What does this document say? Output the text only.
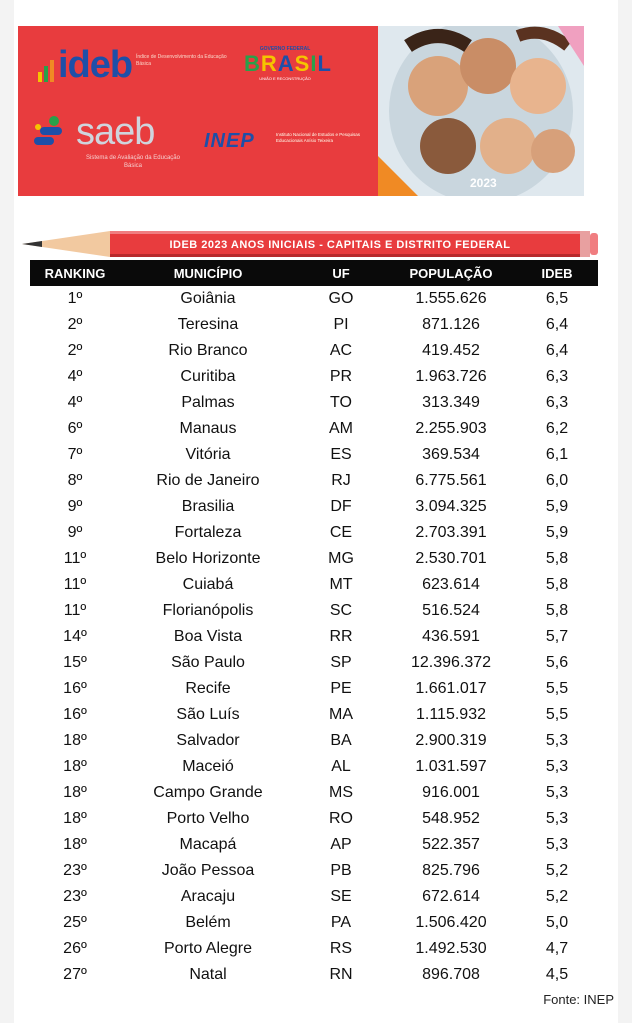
ideb Índice de Desenvolvimento da Educação Básica
saeb
Sistema de Avaliação da Educação Básica
GOVERNO FEDERAL
BRASIL
UNIÃO E RECONSTRUÇÃO
INEP	Instituto Nacional de Estudos e Pesquisas Educacionais Anísio Teixeira
2023
IDEB 2023 ANOS INICIAIS - CAPITAIS E DISTRITO FEDERAL
RANKING	MUNICÍPIO	UF	POPULAÇÃO	IDEB
1º	Goiânia	GO	1.555.626	6,5
2º	Teresina	PI	871.126	6,4
2º	Rio Branco	AC	419.452	6,4
4º	Curitiba	PR	1.963.726	6,3
4º	Palmas	TO	313.349	6,3
6º	Manaus	AM	2.255.903	6,2
7º	Vitória	ES	369.534	6,1
8º	Rio de Janeiro	RJ	6.775.561	6,0
9º	Brasilia	DF	3.094.325	5,9
9º	Fortaleza	CE	2.703.391	5,9
11º	Belo Horizonte	MG	2.530.701	5,8
11º	Cuiabá	MT	623.614	5,8
11º	Florianópolis	SC	516.524	5,8
14º	Boa Vista	RR	436.591	5,7
15º	São Paulo	SP	12.396.372	5,6
16º	Recife	PE	1.661.017	5,5
16º	São Luís	MA	1.115.932	5,5
18º	Salvador	BA	2.900.319	5,3
18º	Maceió	AL	1.031.597	5,3
18º	Campo Grande	MS	916.001	5,3
18º	Porto Velho	RO	548.952	5,3
18º	Macapá	AP	522.357	5,3
23º	João Pessoa	PB	825.796	5,2
23º	Aracaju	SE	672.614	5,2
25º	Belém	PA	1.506.420	5,0
26º	Porto Alegre	RS	1.492.530	4,7
27º	Natal	RN	896.708	4,5
Fonte: INEP
